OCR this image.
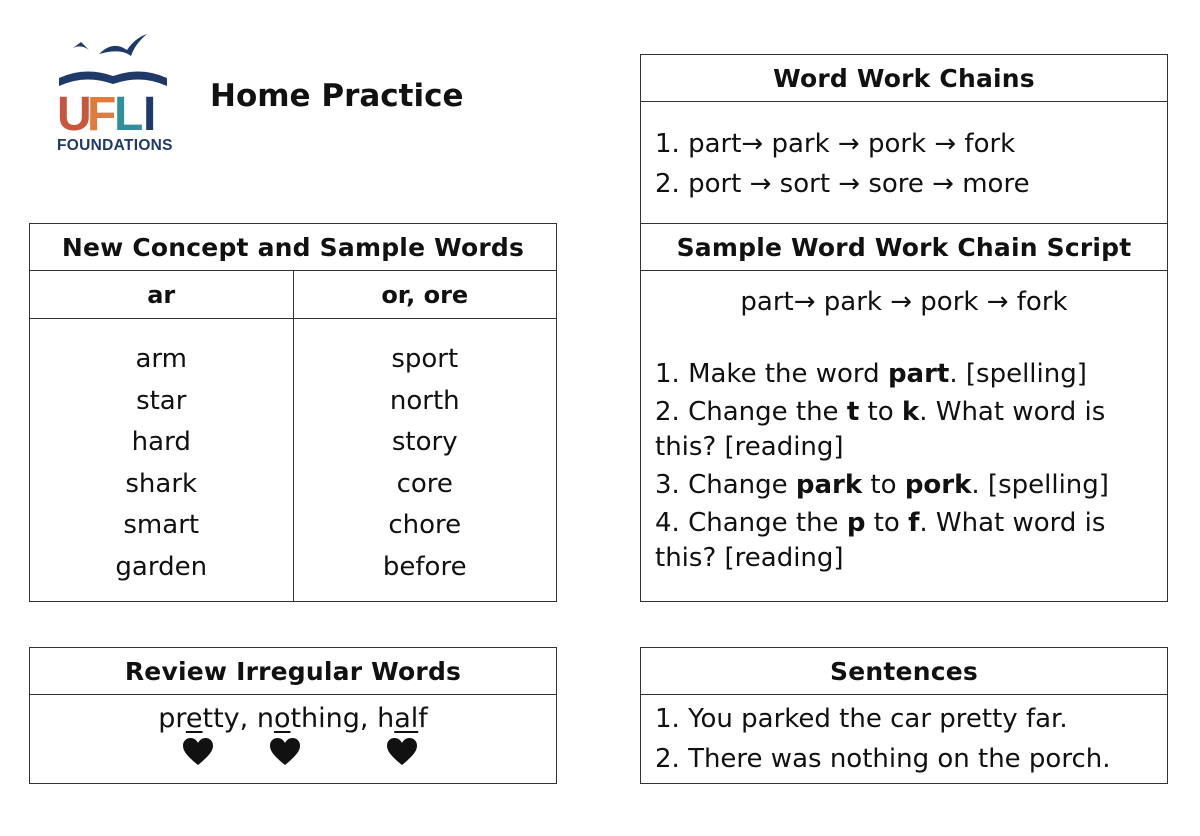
U
F
L I
FOUNDATIONS
Home Practice
New Concept and Sample Words
ar	or, ore
arm
star
hard
shark
smart
garden
sport
north
story
core
chore
before
Review Irregular Words
pretty, nothing, half
Word Work Chains
1. part→ park → pork → fork
2. port → sort → sore → more
Sample Word Work Chain Script
part→ park → pork → fork
1. Make the word part. [spelling]
2. Change the t to k. What word is this? [reading]
3. Change park to pork. [spelling]
4. Change the p to f. What word is this? [reading]
Sentences
1. You parked the car pretty far.
2. There was nothing on the porch.
